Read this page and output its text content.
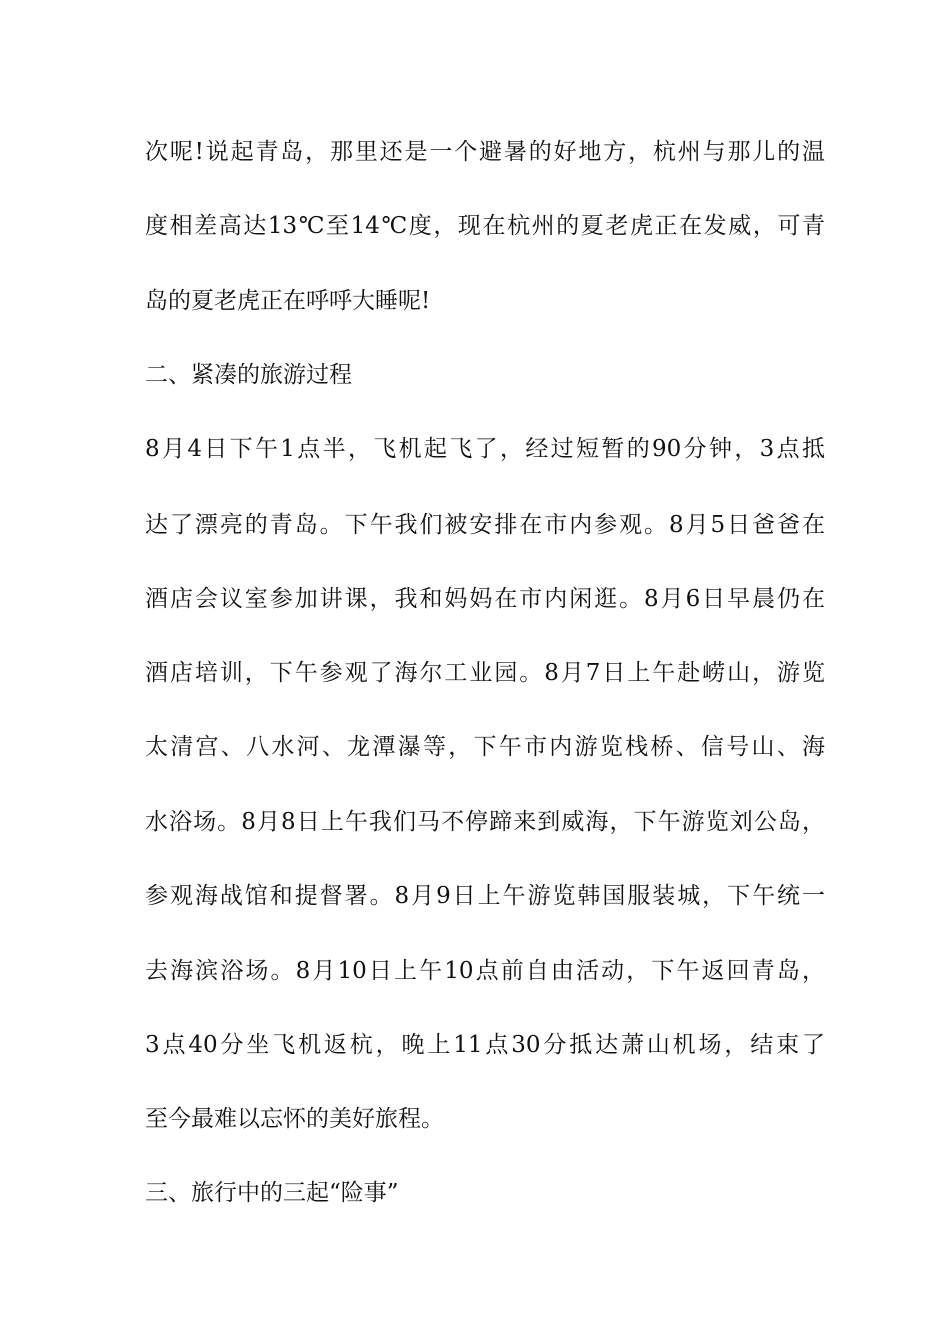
次呢!说起青岛，那里还是一个避暑的好地方，杭州与那儿的温
度相差高达13℃至14℃度，现在杭州的夏老虎正在发威，可青
岛的夏老虎正在呼呼大睡呢!
二、紧凑的旅游过程
8月4日下午1点半，飞机起飞了，经过短暂的90分钟，3点抵
达了漂亮的青岛。下午我们被安排在市内参观。8月5日爸爸在
酒店会议室参加讲课，我和妈妈在市内闲逛。8月6日早晨仍在
酒店培训，下午参观了海尔工业园。8月7日上午赴崂山，游览
太清宫、八水河、龙潭瀑等，下午市内游览栈桥、信号山、海
水浴场。8月8日上午我们马不停蹄来到威海，下午游览刘公岛，
参观海战馆和提督署。8月9日上午游览韩国服装城，下午统一
去海滨浴场。8月10日上午10点前自由活动，下午返回青岛，
3点40分坐飞机返杭，晚上11点30分抵达萧山机场，结束了
至今最难以忘怀的美好旅程。
三、旅行中的三起“险事”
